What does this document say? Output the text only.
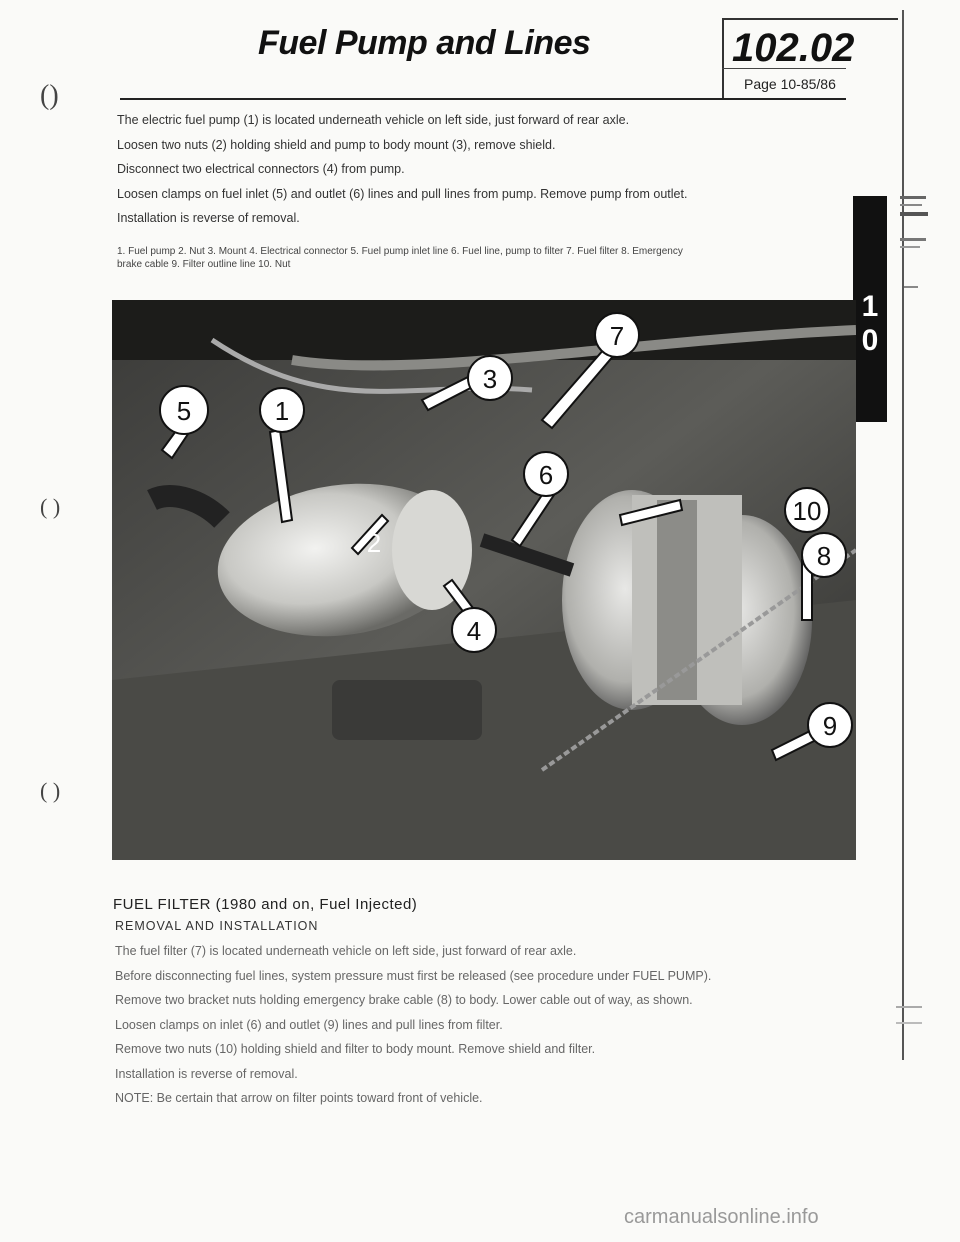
Fuel Pump and Lines	102.02
Page 10-85/86
(​)
( )
( )
The electric fuel pump (1) is located underneath vehicle on left side, just forward of rear axle.
Loosen two nuts (2) holding shield and pump to body mount (3), remove shield.
Disconnect two electrical connectors (4) from pump.
Loosen clamps on fuel inlet (5) and outlet (6) lines and pull lines from pump. Remove pump from outlet.
Installation is reverse of removal.
1. Fuel pump 2. Nut 3. Mount 4. Electrical connector 5. Fuel pump inlet line 6. Fuel line, pump to filter 7. Fuel filter 8. Emergency
brake cable 9. Filter outline line 10. Nut
1
0
5	1
3
2
7
6
4
10
8
9
FUEL FILTER (1980 and on, Fuel Injected)
REMOVAL AND INSTALLATION
The fuel filter (7) is located underneath vehicle on left side, just forward of rear axle.
Before disconnecting fuel lines, system pressure must first be released (see procedure under FUEL PUMP).
Remove two bracket nuts holding emergency brake cable (8) to body. Lower cable out of way, as shown.
Loosen clamps on inlet (6) and outlet (9) lines and pull lines from filter.
Remove two nuts (10) holding shield and filter to body mount. Remove shield and filter.
Installation is reverse of removal.
NOTE: Be certain that arrow on filter points toward front of vehicle.
carmanualsonline.info
